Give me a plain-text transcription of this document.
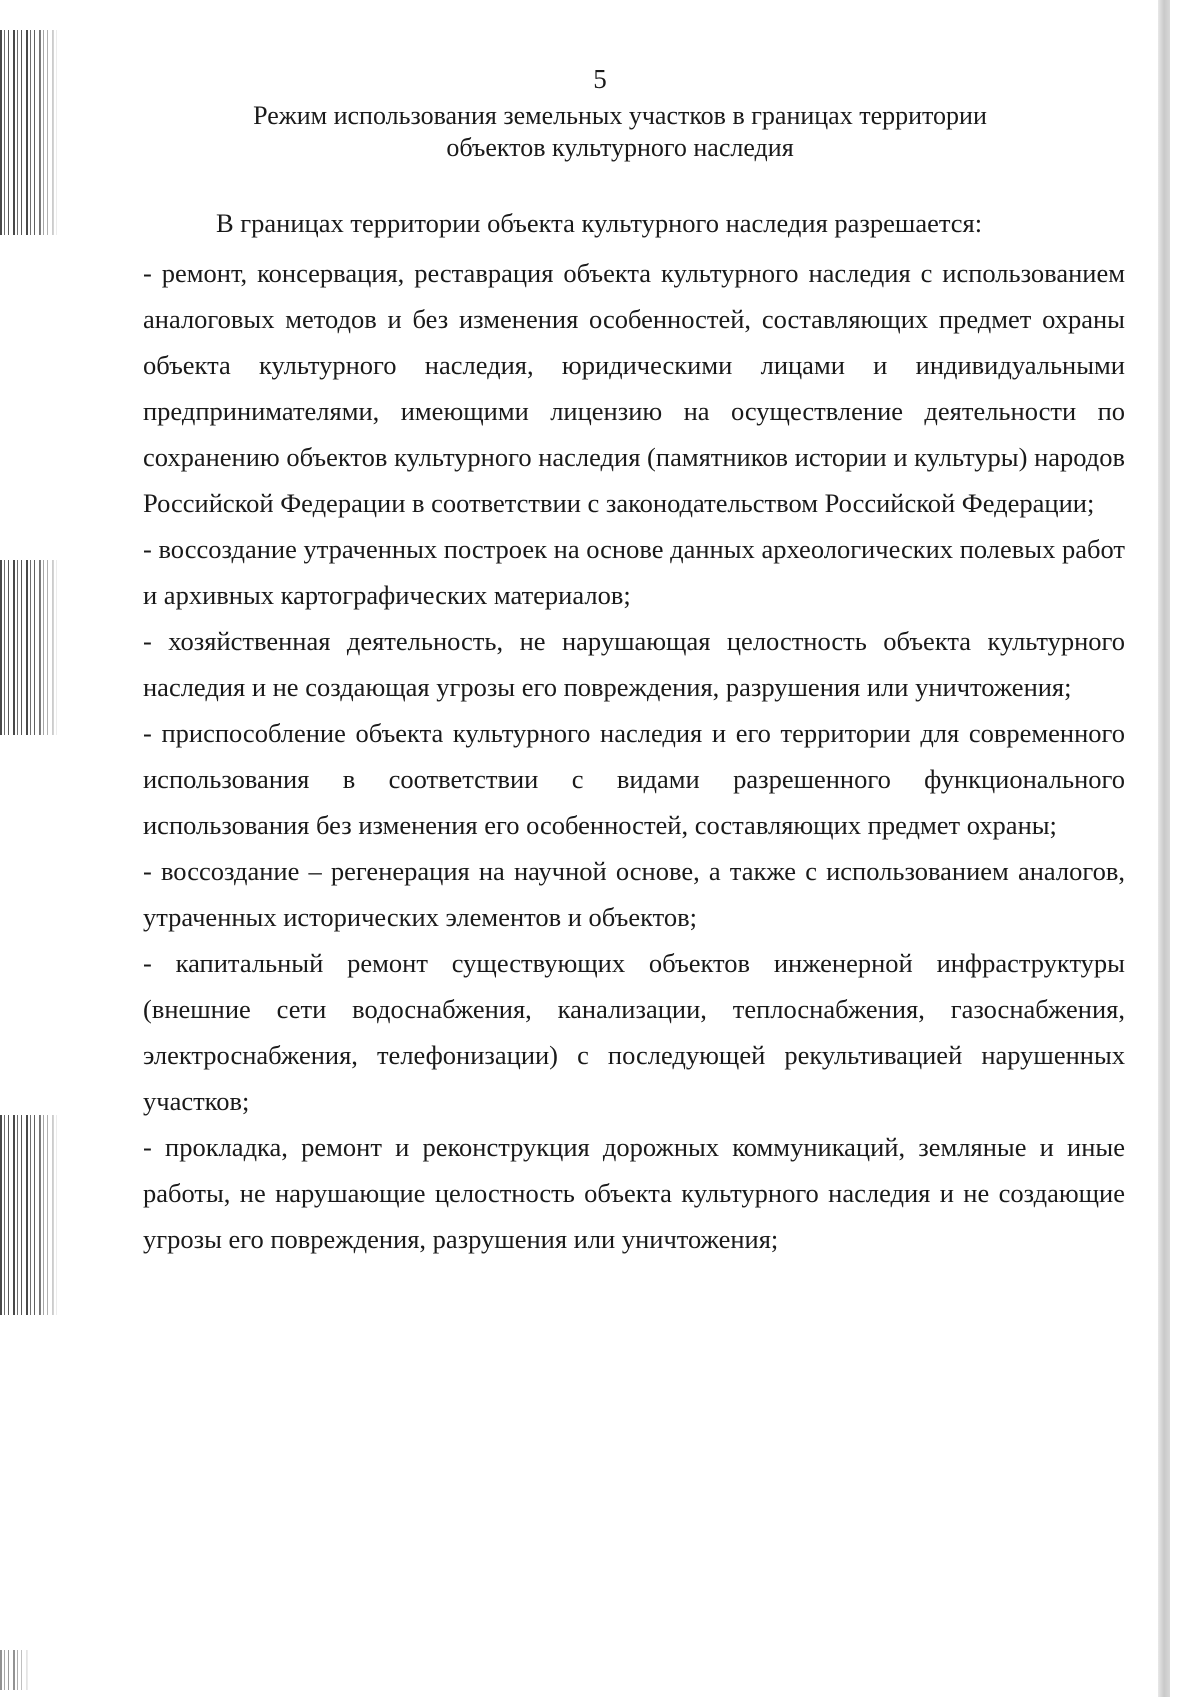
5
Режим использования земельных участков в границах территории
объектов культурного наследия

В границах территории объекта культурного наследия разрешается:

- ремонт, консервация, реставрация объекта культурного наследия с использованием аналоговых методов и без изменения особенностей, составляющих предмет охраны объекта культурного наследия, юридическими лицами и индивидуальными предпринимателями, имеющими лицензию на осуществление деятельности по сохранению объектов культурного наследия (памятников истории и культуры) народов Российской Федерации в соответствии с законодательством Российской Федерации;

- воссоздание утраченных построек на основе данных археологических полевых работ и архивных картографических материалов;

- хозяйственная деятельность, не нарушающая целостность объекта культурного наследия и не создающая угрозы его повреждения, разрушения или уничтожения;

- приспособление объекта культурного наследия и его территории для современного использования в соответствии с видами разрешенного функционального использования без изменения его особенностей, составляющих предмет охраны;

- воссоздание – регенерация на научной основе, а также с использованием аналогов, утраченных исторических элементов и объектов;

- капитальный ремонт существующих объектов инженерной инфраструктуры (внешние сети водоснабжения, канализации, теплоснабжения, газоснабжения, электроснабжения, телефонизации) с последующей рекультивацией нарушенных участков;

- прокладка, ремонт и реконструкция дорожных коммуникаций, земляные и иные работы, не нарушающие целостность объекта культурного наследия и не создающие угрозы его повреждения, разрушения или уничтожения;
